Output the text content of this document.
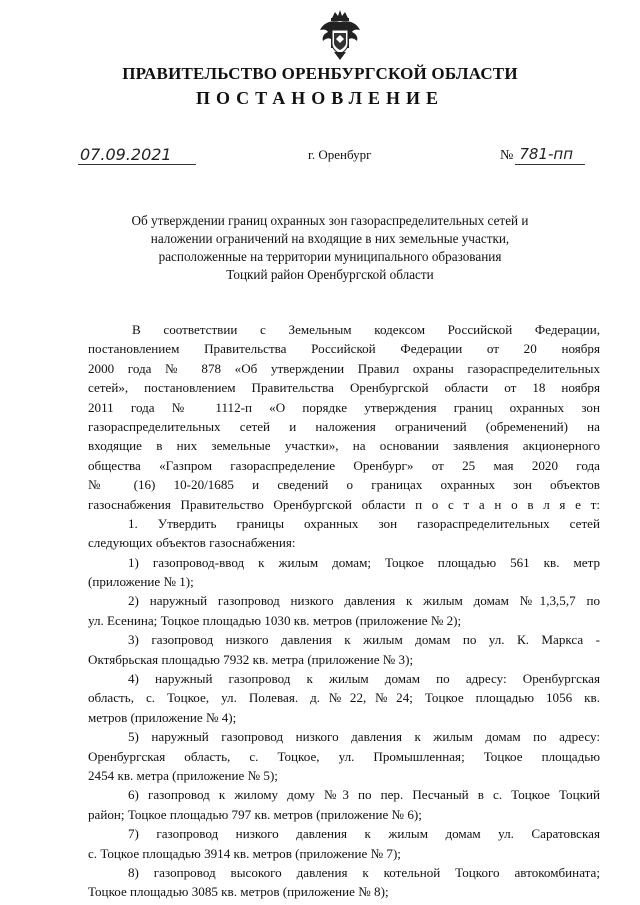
ПРАВИТЕЛЬСТВО ОРЕНБУРГСКОЙ ОБЛАСТИ
ПОСТАНОВЛЕНИЕ
07.09.2021	г. Оренбург	№ 781-пп
Об утверждении границ охранных зон газораспределительных сетей и
наложении ограничений на входящие в них земельные участки,
расположенные на территории муниципального образования
Тоцкий район Оренбургской области
В соответствии с Земельным кодексом Российской Федерации,
постановлением Правительства Российской Федерации от 20 ноября
2000 года № 878 «Об утверждении Правил охраны газораспределительных
сетей», постановлением Правительства Оренбургской области от 18 ноября
2011 года № 1112-п «О порядке утверждения границ охранных зон
газораспределительных сетей и наложения ограничений (обременений) на
входящие в них земельные участки», на основании заявления акционерного
общества «Газпром газораспределение Оренбург» от 25 мая 2020 года
№ (16) 10-20/1685 и сведений о границах охранных зон объектов
газоснабжения Правительство Оренбургской области п о с т а н о в л я е т:
1. Утвердить границы охранных зон газораспределительных сетей
следующих объектов газоснабжения:
1) газопровод-ввод к жилым домам; Тоцкое площадью 561 кв. метр
(приложение № 1);
2) наружный газопровод низкого давления к жилым домам №1,3,5,7 по
ул. Есенина; Тоцкое площадью 1030 кв. метров (приложение № 2);
3) газопровод низкого давления к жилым домам по ул. К. Маркса -
Октябрьская площадью 7932 кв. метра (приложение № 3);
4) наружный газопровод к жилым домам по адресу: Оренбургская
область, с. Тоцкое, ул. Полевая. д.№22,№24; Тоцкое площадью 1056 кв.
метров (приложение № 4);
5) наружный газопровод низкого давления к жилым домам по адресу:
Оренбургская область, с. Тоцкое, ул. Промышленная; Тоцкое площадью
2454 кв. метра (приложение № 5);
6) газопровод к жилому дому №3 по пер. Песчаный в с. Тоцкое Тоцкий
район; Тоцкое площадью 797 кв. метров (приложение № 6);
7) газопровод низкого давления к жилым домам ул. Саратовская
с. Тоцкое площадью 3914 кв. метров (приложение № 7);
8) газопровод высокого давления к котельной Тоцкого автокомбината;
Тоцкое площадью 3085 кв. метров (приложение № 8);
